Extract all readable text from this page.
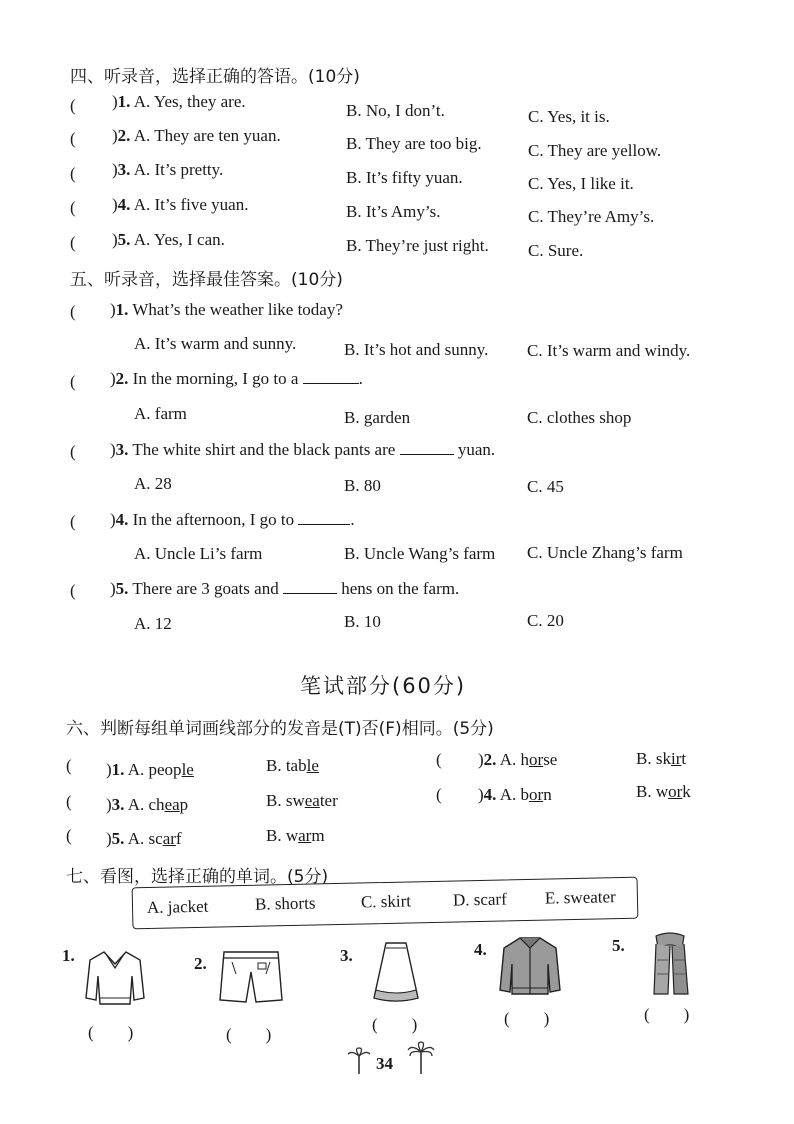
四、听录音，选择正确的答语。(10分)
( )1. A. Yes, they are.	B. No, I don’t.	C. Yes, it is.
( )2. A. They are ten yuan.	B. They are too big.	C. They are yellow.
( )3. A. It’s pretty.	B. It’s fifty yuan.	C. Yes, I like it.
( )4. A. It’s five yuan.	B. It’s Amy’s.	C. They’re Amy’s.
( )5. A. Yes, I can.	B. They’re just right. C. Sure.
五、听录音，选择最佳答案。(10分)
( )1. What’s the weather like today?
A. It’s warm and sunny.	B. It’s hot and sunny. C. It’s warm and windy.
( )2. In the morning, I go to a	.
A. farm	B. garden	C. clothes shop
( )3. The white shirt and the black pants are	yuan.
A. 28	B. 80	C. 45
( )4. In the afternoon, I go to	.
A. Uncle Li’s farm	B. Uncle Wang’s farm C. Uncle Zhang’s farm
( )5. There are 3 goats and	hens on the farm.
A. 12	B. 10	C. 20
笔试部分(60分)
六、判断每组单词画线部分的发音是(T)否(F)相同。(5分)
( )1. A. people	B. table	( )2. A. horse	B. skirt
( )3. A. cheap	B. sweater	( )4. A. born	B. work
( )5. A. scarf	B. warm
七、看图，选择正确的单词。(5分)
A. jacket	B. shorts	C. skirt D. scarf E. sweater
1.	2.	3.	4.	5.
(　　)	(　　)
(　　)	(　　)	(　　)
34
